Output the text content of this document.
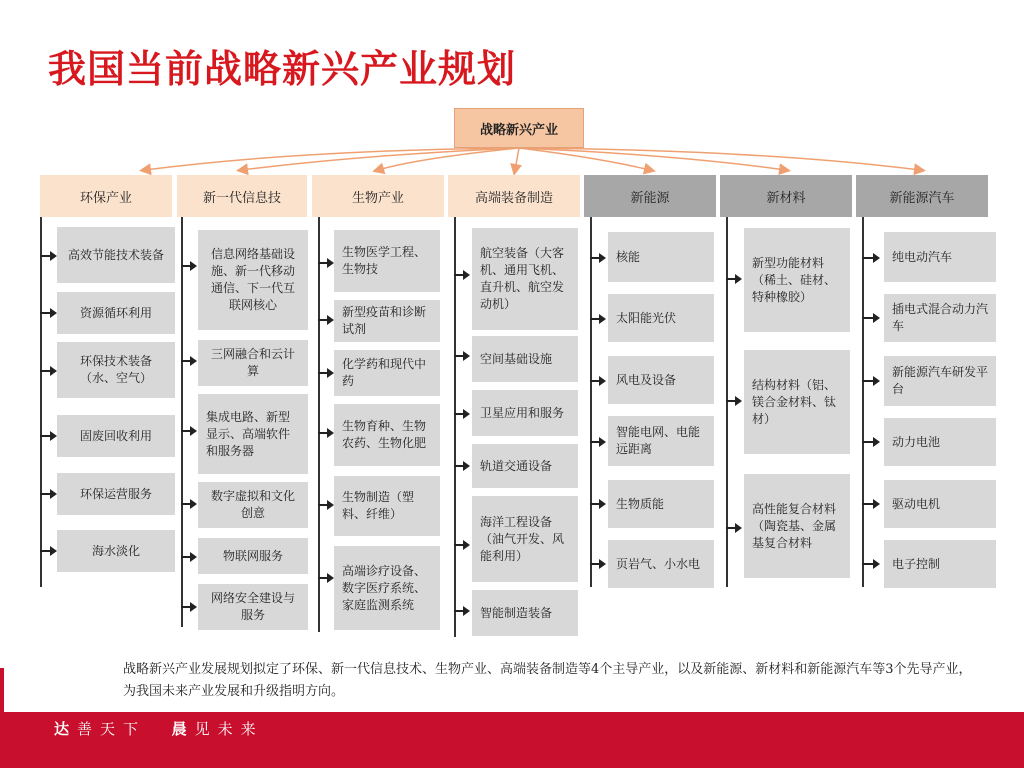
我国当前战略新兴产业规划
战略新兴产业
环保产业	新一代信息技	生物产业	高端装备制造	新能源	新材料	新能源汽车
高效节能技术装备
资源循环利用
环保技术装备（水、空气）
固废回收利用
环保运营服务
海水淡化
信息网络基础设施、新一代移动通信、下一代互联网核心
三网融合和云计算
集成电路、新型显示、高端软件和服务器
数字虚拟和文化创意
物联网服务
网络安全建设与服务
生物医学工程、生物技
新型疫苗和诊断试剂
化学药和现代中药
生物育种、生物农药、生物化肥
生物制造（塑料、纤维）
高端诊疗设备、数字医疗系统、家庭监测系统
航空装备（大客机、通用飞机、直升机、航空发动机）
空间基础设施
卫星应用和服务
轨道交通设备
海洋工程设备（油气开发、风能利用）
智能制造装备
核能
太阳能光伏
风电及设备
智能电网、电能远距离
生物质能
页岩气、小水电
新型功能材料（稀土、硅材、特种橡胶）
结构材料（铝、镁合金材料、钛材）
高性能复合材料（陶瓷基、金属基复合材料
纯电动汽车
插电式混合动力汽车
新能源汽车研发平台
动力电池
驱动电机
电子控制
战略新兴产业发展规划拟定了环保、新一代信息技术、生物产业、高端装备制造等4个主导产业，以及新能源、新材料和新能源汽车等3个先导产业，为我国未来产业发展和升级指明方向。
达善天下 晨见未来
